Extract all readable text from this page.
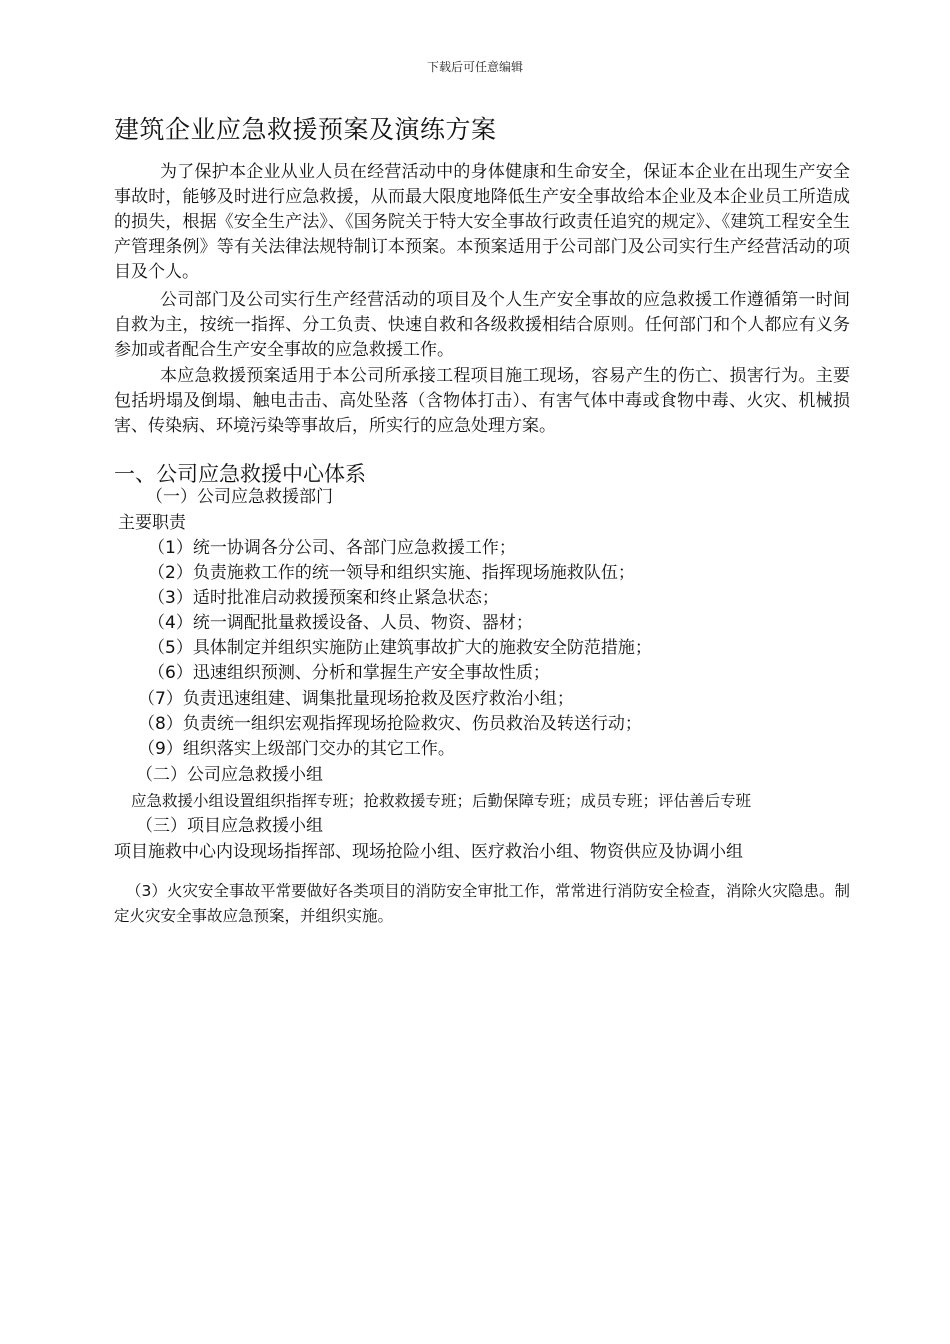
下载后可任意编辑
建筑企业应急救援预案及演练方案

为了保护本企业从业人员在经营活动中的身体健康和生命安全，保证本企业在出现生产安全事故时，能够及时进行应急救援，从而最大限度地降低生产安全事故给本企业及本企业员工所造成的损失，根据《安全生产法》、《国务院关于特大安全事故行政责任追究的规定》、《建筑工程安全生产管理条例》等有关法律法规特制订本预案。本预案适用于公司部门及公司实行生产经营活动的项目及个人。

公司部门及公司实行生产经营活动的项目及个人生产安全事故的应急救援工作遵循第一时间自救为主，按统一指挥、分工负责、快速自救和各级救援相结合原则。任何部门和个人都应有义务参加或者配合生产安全事故的应急救援工作。

本应急救援预案适用于本公司所承接工程项目施工现场，容易产生的伤亡、损害行为。主要包括坍塌及倒塌、触电击击、高处坠落（含物体打击）、有害气体中毒或食物中毒、火灾、机械损害、传染病、环境污染等事故后，所实行的应急处理方案。

一、公司应急救援中心体系
（一）公司应急救援部门
主要职责
（1）统一协调各分公司、各部门应急救援工作；
（2）负责施救工作的统一领导和组织实施、指挥现场施救队伍；
（3）适时批准启动救援预案和终止紧急状态；
（4）统一调配批量救援设备、人员、物资、器材；
（5）具体制定并组织实施防止建筑事故扩大的施救安全防范措施；
（6）迅速组织预测、分析和掌握生产安全事故性质；
（7）负责迅速组建、调集批量现场抢救及医疗救治小组；
（8）负责统一组织宏观指挥现场抢险救灾、伤员救治及转送行动；
（9）组织落实上级部门交办的其它工作。
（二）公司应急救援小组
应急救援小组设置组织指挥专班；抢救救援专班；后勤保障专班；成员专班；评估善后专班
（三）项目应急救援小组
项目施救中心内设现场指挥部、现场抢险小组、医疗救治小组、物资供应及协调小组

（3）火灾安全事故平常要做好各类项目的消防安全审批工作，常常进行消防安全检查，消除火灾隐患。制定火灾安全事故应急预案，并组织实施。
